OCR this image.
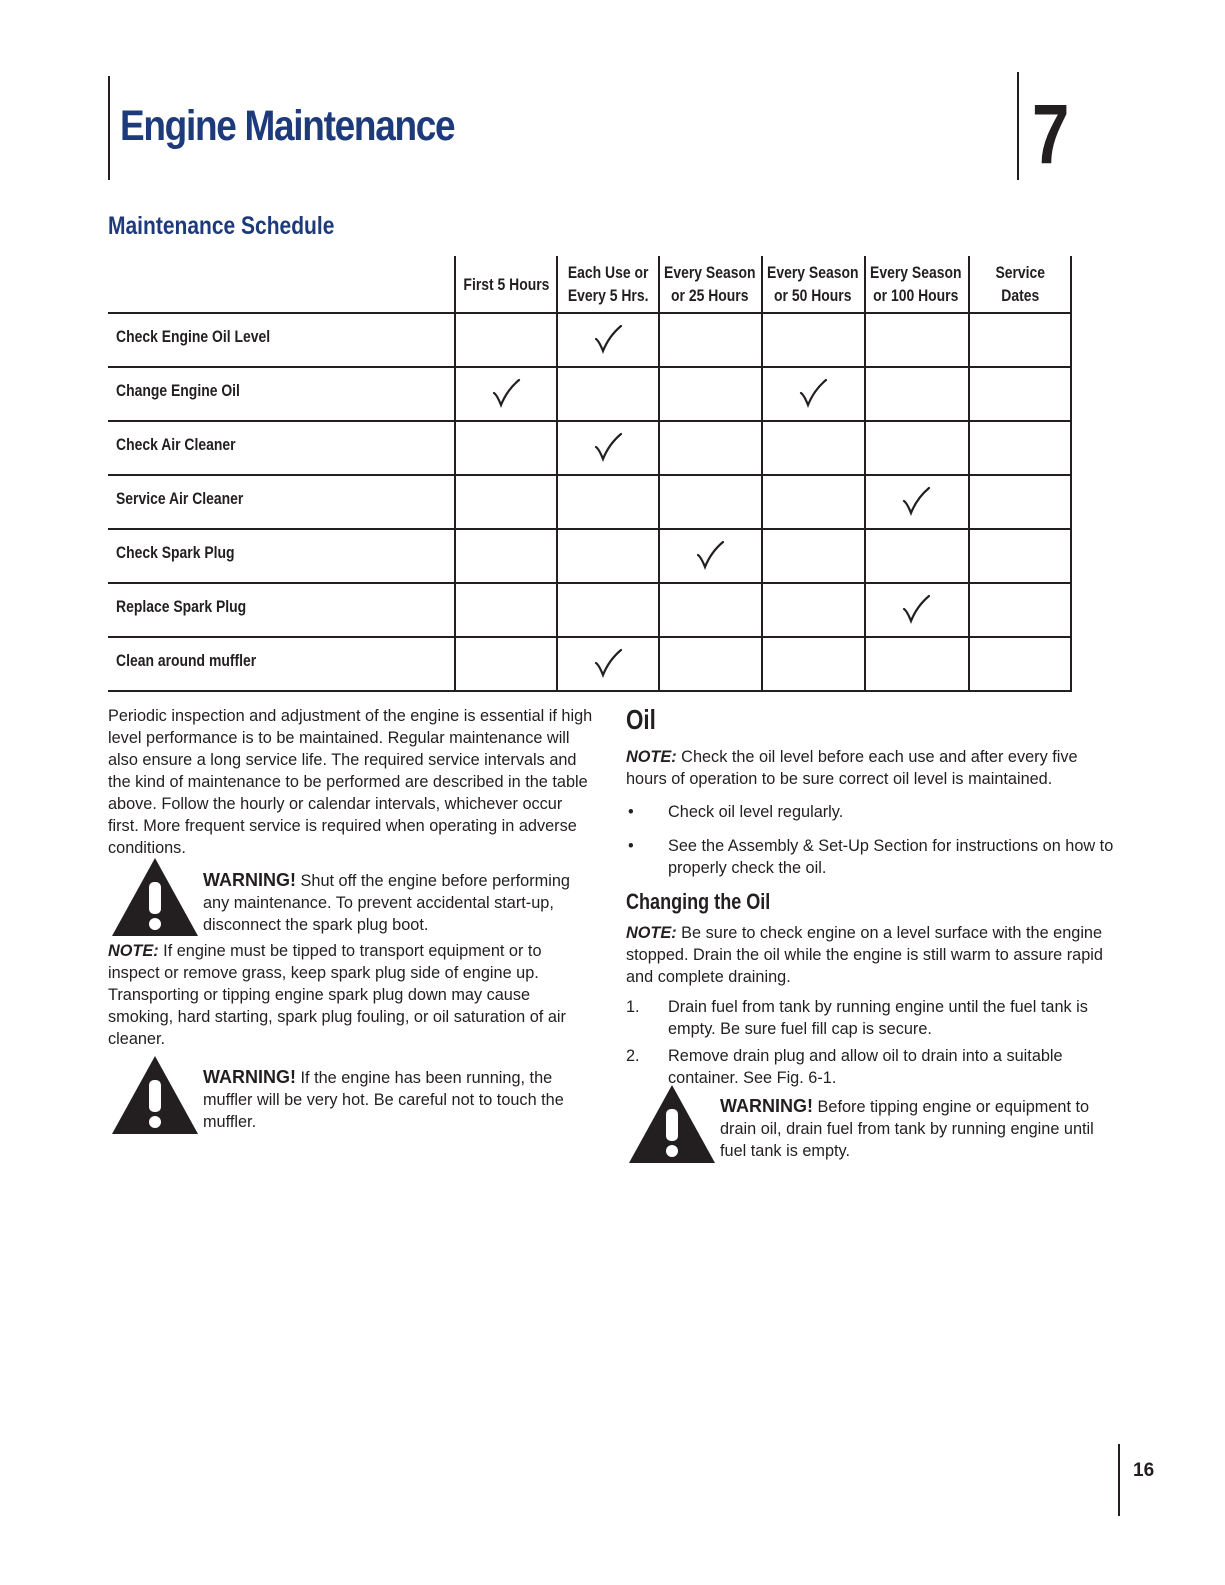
Engine Maintenance	7
Maintenance Schedule
First 5 Hours
Each Use or
Every 5 Hrs.
Every Season
or 25 Hours
Every Season
or 50 Hours
Every Season
or 100 Hours
Service
Dates
Check Engine Oil Level
Change Engine Oil
Check Air Cleaner
Service Air Cleaner
Check Spark Plug
Replace Spark Plug
Clean around muffler
Periodic inspection and adjustment of the engine is essential if high level performance is to be maintained. Regular maintenance will also ensure a long service life. The required service intervals and the kind of maintenance to be performed are described in the table above. Follow the hourly or calendar intervals, whichever occur first. More frequent service is required when operating in adverse conditions.
WARNING! Shut off the engine before performing any maintenance. To prevent accidental start-up, disconnect the spark plug boot.
NOTE: If engine must be tipped to transport equipment or to inspect or remove grass, keep spark plug side of engine up. Transporting or tipping engine spark plug down may cause smoking, hard starting, spark plug fouling, or oil saturation of air cleaner.
WARNING! If the engine has been running, the muffler will be very hot. Be careful not to touch the muffler.
Oil
NOTE: Check the oil level before each use and after every five hours of operation to be sure correct oil level is maintained.
• Check oil level regularly.
• See the Assembly & Set-Up Section for instructions on how to properly check the oil.
Changing the Oil
NOTE: Be sure to check engine on a level surface with the engine stopped. Drain the oil while the engine is still warm to assure rapid and complete draining.
1. Drain fuel from tank by running engine until the fuel tank is empty. Be sure fuel fill cap is secure.
2. Remove drain plug and allow oil to drain into a suitable container. See Fig. 6-1.
WARNING! Before tipping engine or equipment to drain oil, drain fuel from tank by running engine until fuel tank is empty.
16
